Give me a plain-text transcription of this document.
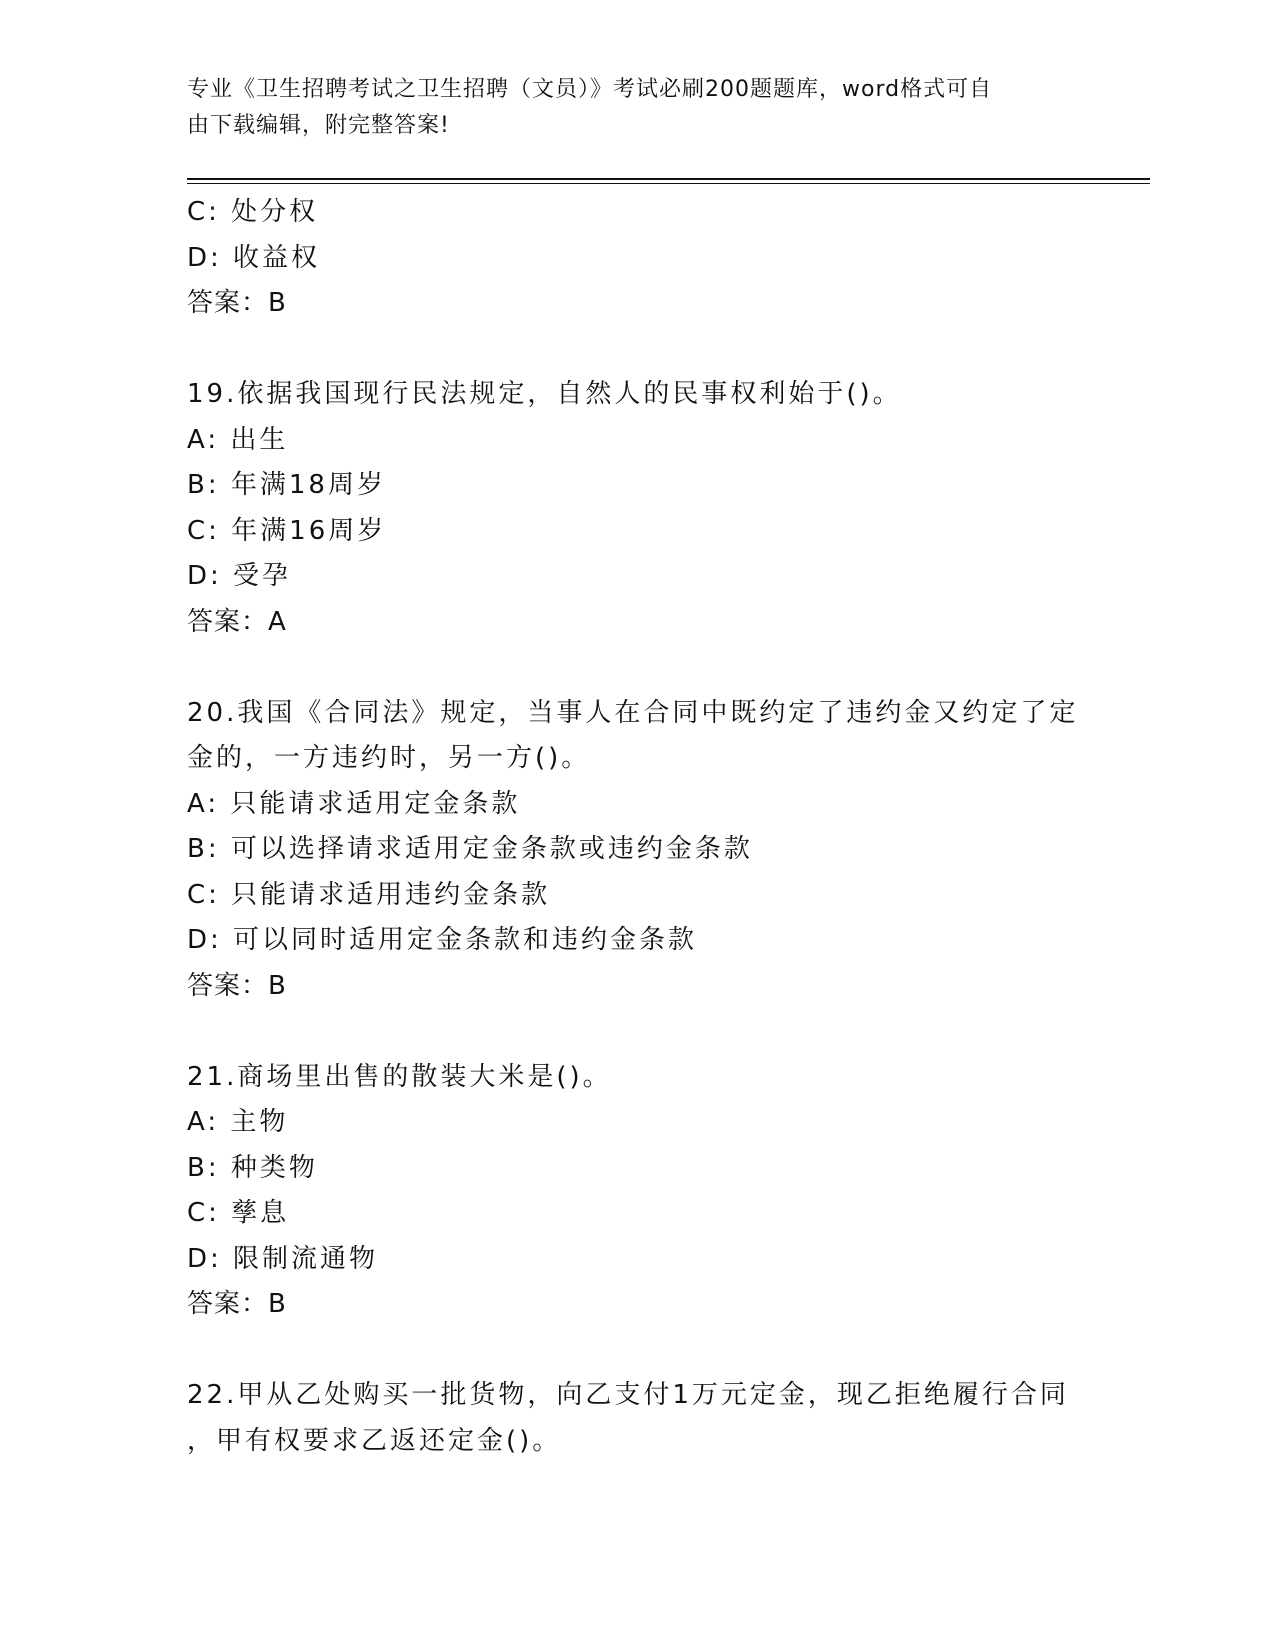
专业《卫生招聘考试之卫生招聘（文员）》考试必刷200题题库，word格式可自
由下载编辑，附完整答案!
C: 处分权
D: 收益权
答案：B
19.依据我国现行民法规定，自然人的民事权利始于()。
A: 出生
B: 年满18周岁
C: 年满16周岁
D: 受孕
答案：A
20.我国《合同法》规定，当事人在合同中既约定了违约金又约定了定
金的，一方违约时，另一方()。
A: 只能请求适用定金条款
B: 可以选择请求适用定金条款或违约金条款
C: 只能请求适用违约金条款
D: 可以同时适用定金条款和违约金条款
答案：B
21.商场里出售的散装大米是()。
A: 主物
B: 种类物
C: 孳息
D: 限制流通物
答案：B
22.甲从乙处购买一批货物，向乙支付1万元定金，现乙拒绝履行合同
，甲有权要求乙返还定金()。
